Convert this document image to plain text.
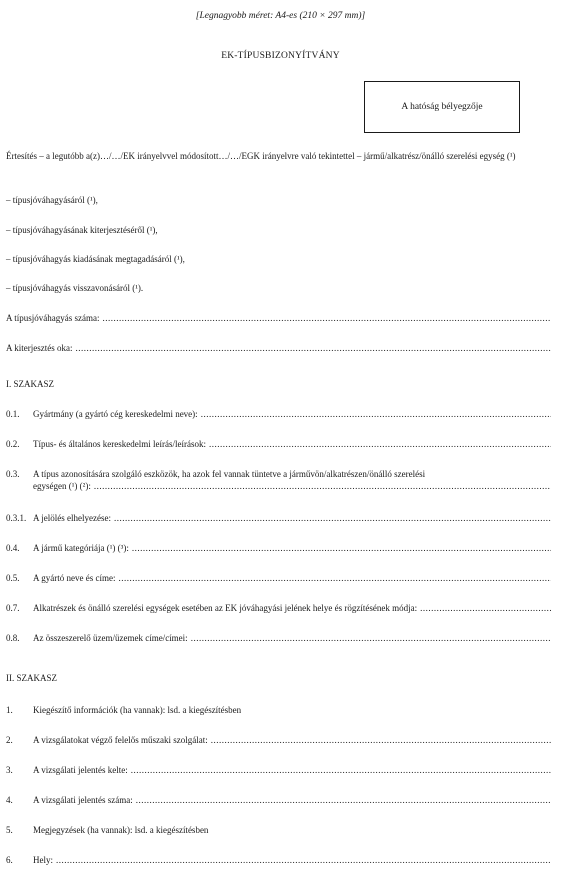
[Legnagyobb méret: A4-es (210 × 297 mm)]
EK-TÍPUSBIZONYÍTVÁNY
A hatóság bélyegzője
Értesítés – a legutóbb a(z)…/…/EK irányelvvel módosított…/…/EGK irányelvre való tekintettel – jármű/alkatrész/önálló szerelési egység (¹)
– típusjóváhagyásáról (¹),
– típusjóváhagyásának kiterjesztéséről (¹),
– típusjóváhagyás kiadásának megtagadásáról (¹),
– típusjóváhagyás visszavonásáról (¹).
A típusjóváhagyás száma:
.....
A kiterjesztés oka:
.....
I. SZAKASZ
0.1.	Gyártmány (a gyártó cég kereskedelmi neve):
.....
0.2.	Típus- és általános kereskedelmi leírás/leírások:
.....
0.3. A típus azonosítására szolgáló eszközök, ha azok fel vannak tüntetve a járművön/alkatrészen/önálló szerelési
egységen (¹) (²):
.....
0.3.1. A jelölés elhelyezése:
.....
0.4.	A jármű kategóriája (¹) (³):
.....
0.5.	A gyártó neve és címe:
.....
0.7.	Alkatrészek és önálló szerelési egységek esetében az EK jóváhagyási jelének helye és rögzítésének módja:
.....
0.8.	Az összeszerelő üzem/üzemek címe/címei:
.....
II. SZAKASZ
1.	Kiegészítő információk (ha vannak): lsd. a kiegészítésben
2.	A vizsgálatokat végző felelős műszaki szolgálat:
.....
3.	A vizsgálati jelentés kelte:
.....
4.	A vizsgálati jelentés száma:
.....
5.	Megjegyzések (ha vannak): lsd. a kiegészítésben
6.	Hely:
.....
